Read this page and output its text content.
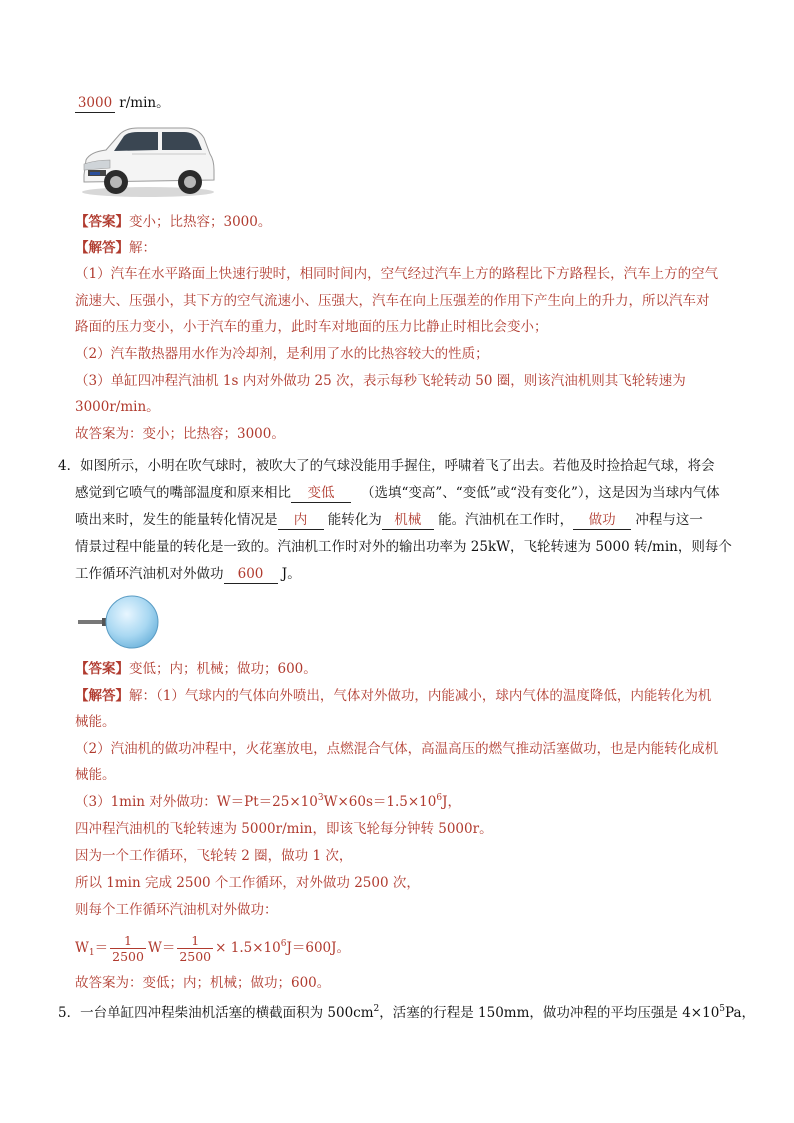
3000 r/min。
【答案】变小；比热容；3000。
【解答】解：
（1）汽车在水平路面上快速行驶时，相同时间内，空气经过汽车上方的路程比下方路程长，汽车上方的空气
流速大、压强小，其下方的空气流速小、压强大，汽车在向上压强差的作用下产生向上的升力，所以汽车对
路面的压力变小，小于汽车的重力，此时车对地面的压力比静止时相比会变小；
（2）汽车散热器用水作为冷却剂，是利用了水的比热容较大的性质；
（3）单缸四冲程汽油机 1s 内对外做功 25 次，表示每秒飞轮转动 50 圈，则该汽油机则其飞轮转速为
3000r/min。
故答案为：变小；比热容；3000。
4．如图所示，小明在吹气球时，被吹大了的气球没能用手握住，呼啸着飞了出去。若他及时捡拾起气球，将会
感觉到它喷气的嘴部温度和原来相比 变低 （选填“变高”、“变低”或“没有变化”），这是因为当球内气体
喷出来时，发生的能量转化情况是 内 能转化为 机械 能。汽油机在工作时， 做功 冲程与这一
情景过程中能量的转化是一致的。汽油机工作时对外的输出功率为 25kW，飞轮转速为 5000 转/min，则每个
工作循环汽油机对外做功 600 J。
【答案】变低；内；机械；做功；600。
【解答】解：（1）气球内的气体向外喷出，气体对外做功，内能减小，球内气体的温度降低，内能转化为机
械能。
（2）汽油机的做功冲程中，火花塞放电，点燃混合气体，高温高压的燃气推动活塞做功，也是内能转化成机
械能。
（3）1min 对外做功：$W=Pt=25\times 10^3W\times 60s=1.5\times 10^6J$，
四冲程汽油机的飞轮转速为 5000r/min，即该飞轮每分钟转 5000r。
因为一个工作循环，飞轮转 2 圈，做功 1 次，
所以 1min 完成 2500 个工作循环，对外做功 2500 次，
则每个工作循环汽油机对外做功：
$W_1= \frac{1}{2500} W= \frac{1}{2500} \times 1.5\times 10^6J=600J$。
故答案为：变低；内；机械；做功；600。
5．一台单缸四冲程柴油机活塞的横截面积为 $500cm^2$，活塞的行程是 150mm，做功冲程的平均压强是 $4\times 10^5Pa$，
